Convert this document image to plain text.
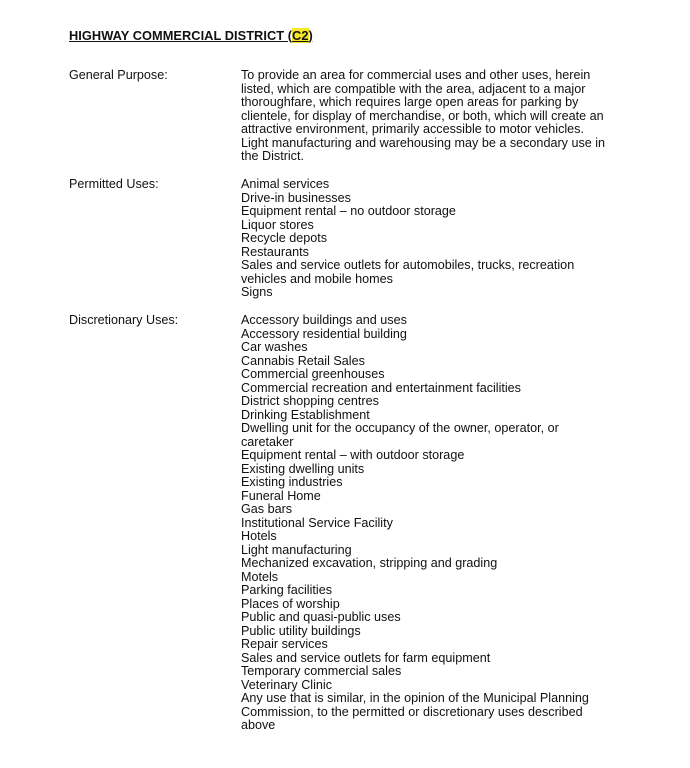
HIGHWAY COMMERCIAL DISTRICT (C2)
General Purpose:	To provide an area for commercial uses and other uses, herein
listed, which are compatible with the area, adjacent to a major
thoroughfare, which requires large open areas for parking by
clientele, for display of merchandise, or both, which will create an
attractive environment, primarily accessible to motor vehicles.
Light manufacturing and warehousing may be a secondary use in
the District.
Permitted Uses:	Animal services
Drive-in businesses
Equipment rental – no outdoor storage
Liquor stores
Recycle depots
Restaurants
Sales and service outlets for automobiles, trucks, recreation
vehicles and mobile homes
Signs
Discretionary Uses:	Accessory buildings and uses
Accessory residential building
Car washes
Cannabis Retail Sales
Commercial greenhouses
Commercial recreation and entertainment facilities
District shopping centres
Drinking Establishment
Dwelling unit for the occupancy of the owner, operator, or
caretaker
Equipment rental – with outdoor storage
Existing dwelling units
Existing industries
Funeral Home
Gas bars
Institutional Service Facility
Hotels
Light manufacturing
Mechanized excavation, stripping and grading
Motels
Parking facilities
Places of worship
Public and quasi-public uses
Public utility buildings
Repair services
Sales and service outlets for farm equipment
Temporary commercial sales
Veterinary Clinic
Any use that is similar, in the opinion of the Municipal Planning
Commission, to the permitted or discretionary uses described
above
